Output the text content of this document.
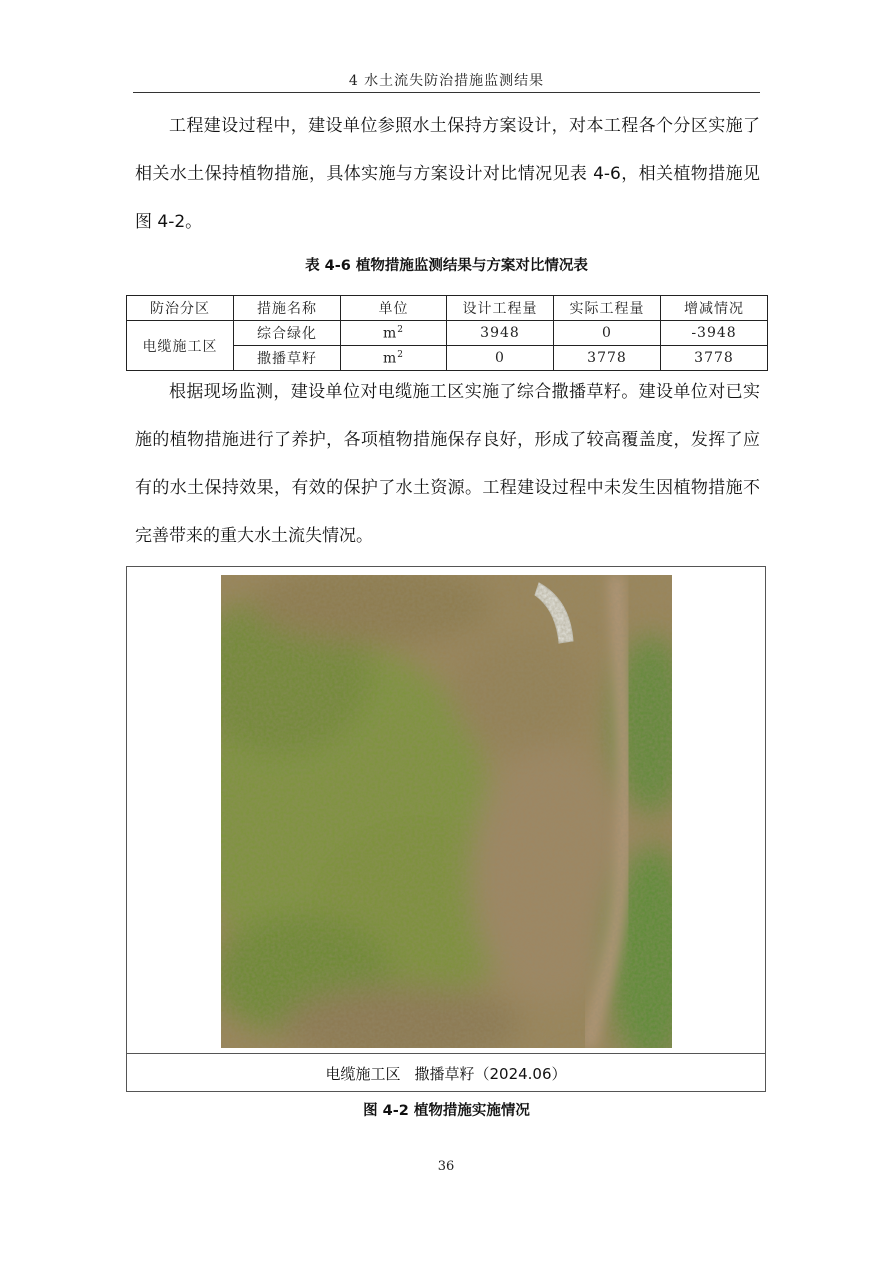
4 水土流失防治措施监测结果

工程建设过程中，建设单位参照水土保持方案设计，对本工程各个分区实施了相关水土保持植物措施，具体实施与方案设计对比情况见表 4-6，相关植物措施见图 4-2。

表 4-6 植物措施监测结果与方案对比情况表
防治分区	措施名称	单位	设计工程量	实际工程量	增减情况
电缆施工区	综合绿化	$m^2$	3948	0	-3948
	撒播草籽	$m^2$	0	3778	3778

根据现场监测，建设单位对电缆施工区实施了综合撒播草籽。建设单位对已实施的植物措施进行了养护，各项植物措施保存良好，形成了较高覆盖度，发挥了应有的水土保持效果，有效的保护了水土资源。工程建设过程中未发生因植物措施不完善带来的重大水土流失情况。

电缆施工区 撒播草籽（2024.06）
图 4-2 植物措施实施情况
36
